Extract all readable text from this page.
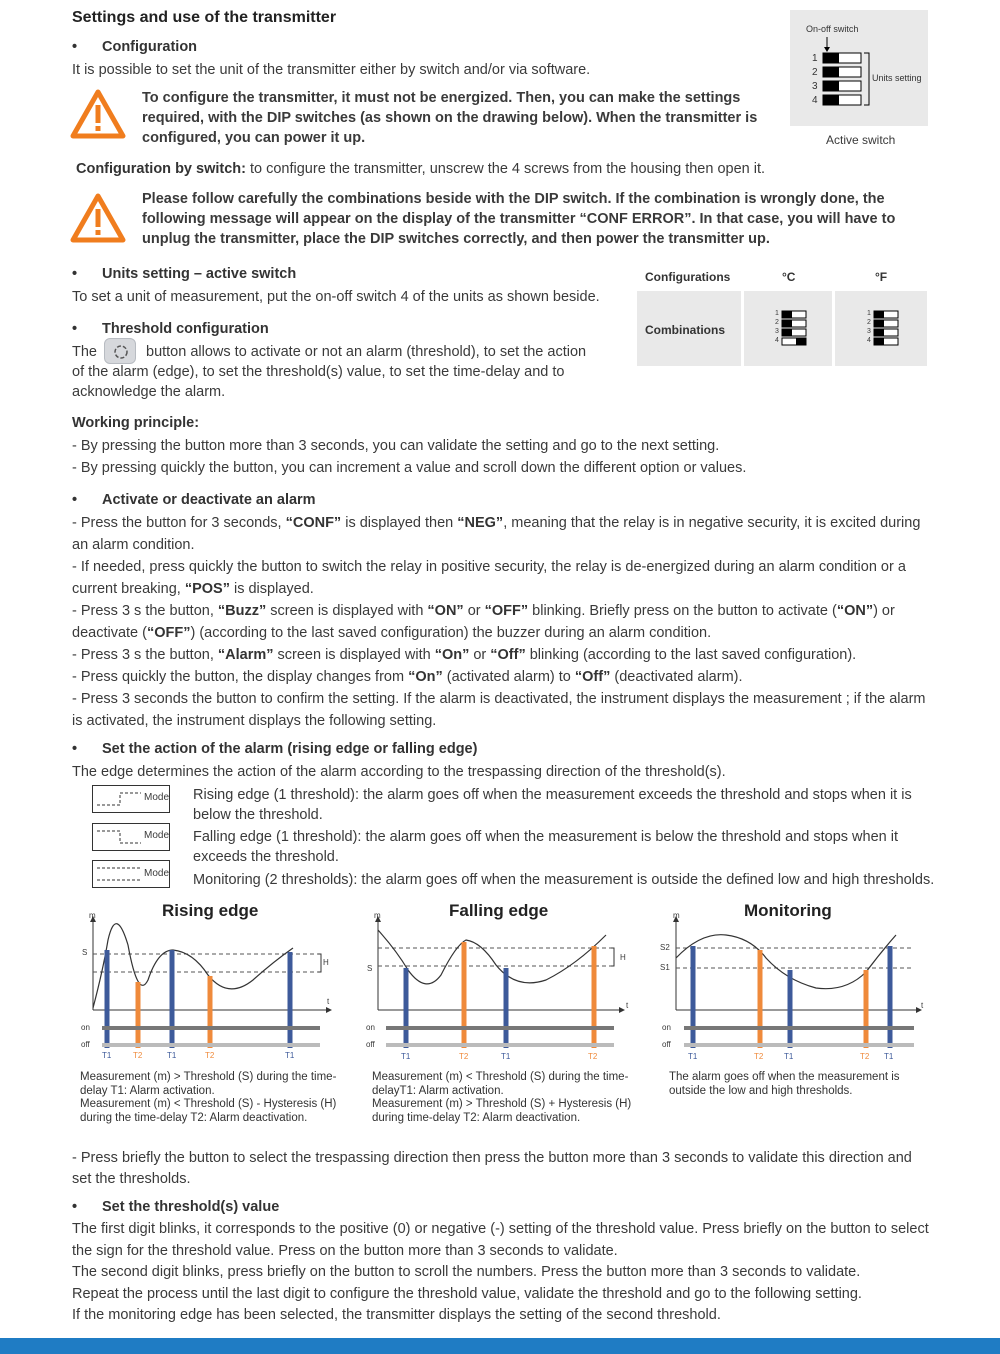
Settings and use of the transmitter
• Configuration
It is possible to set the unit of the transmitter either by switch and/or via software.
To configure the transmitter, it must not be energized. Then, you can make the settings required, with the DIP switches (as shown on the drawing below). When the transmitter is configured, you can power it up.
On-off switch
1
2
3
4
Units setting
Active switch
Configuration by switch: to configure the transmitter, unscrew the 4 screws from the housing then open it.
Please follow carefully the combinations beside with the DIP switch. If the combination is wrongly done, the following message will appear on the display of the transmitter “CONF ERROR”. In that case, you will have to unplug the transmitter, place the DIP switches correctly, and then power the transmitter up.
• Units setting – active switch
To set a unit of measurement, put the on-off switch 4 of the units as shown beside.
Configurations	°C	°F
Combinations
1
2
3
4
1
2
3
4
• Threshold configuration
The	button allows to activate or not an alarm (threshold), to set the action
of the alarm (edge), to set the threshold(s) value, to set the time-delay and to acknowledge the alarm.
Working principle:
- By pressing the button more than 3 seconds, you can validate the setting and go to the next setting.
- By pressing quickly the button, you can increment a value and scroll down the different option or values.
• Activate or deactivate an alarm

- Press the button for 3 seconds, “CONF” is displayed then “NEG”, meaning that the relay is in negative security, it is excited during an alarm condition.

- If needed, press quickly the button to switch the relay in positive security, the relay is de-energized during an alarm condition or a current breaking, “POS” is displayed.

- Press 3 s the button, “Buzz” screen is displayed with “ON” or “OFF” blinking. Briefly press on the button to activate (“ON”) or deactivate (“OFF”) (according to the last saved configuration) the buzzer during an alarm condition.

- Press 3 s the button, “Alarm” screen is displayed with “On” or “Off” blinking (according to the last saved configuration).

- Press quickly the button, the display changes from “On” (activated alarm) to “Off” (deactivated alarm).

- Press 3 seconds the button to confirm the setting. If the alarm is deactivated, the instrument displays the measurement ; if the alarm is activated, the instrument displays the following setting.

• Set the action of the alarm (rising edge or falling edge)
The edge determines the action of the alarm according to the trespassing direction of the threshold(s).
Mode Rising edge (1 threshold): the alarm goes off when the measurement exceeds the threshold and stops when it is below the threshold.
Mode Falling edge (1 threshold): the alarm goes off when the measurement is below the threshold and stops when it exceeds the threshold.
Mode Monitoring (2 thresholds): the alarm goes off when the measurement is outside the defined low and high thresholds.
Rising edge
m
t
S
H
on
off
T1	T2	T1	T2	T1
Measurement (m) > Threshold (S) during the time-
delay T1: Alarm activation.
Measurement (m) < Threshold (S) - Hysteresis (H)
during the time-delay T2: Alarm deactivation.
Falling edge
m
t
S
H
on
off
T1	T2	T1	T2
Measurement (m) < Threshold (S) during the time-
delayT1: Alarm activation.
Measurement (m) > Threshold (S) + Hysteresis (H)
during time-delay T2: Alarm deactivation.
Monitoring
m
t
S2
S1
on
off
T1	T2	T1	T2 T1
The alarm goes off when the measurement is
outside the low and high thresholds.
- Press briefly the button to select the trespassing direction then press the button more than 3 seconds to validate this direction and set the thresholds.
• Set the threshold(s) value

The first digit blinks, it corresponds to the positive (0) or negative (-) setting of the threshold value. Press briefly on the button to select the sign for the threshold value. Press on the button more than 3 seconds to validate.

The second digit blinks, press briefly on the button to scroll the numbers. Press the button more than 3 seconds to validate.

Repeat the process until the last digit to configure the threshold value, validate the threshold and go to the following setting.

If the monitoring edge has been selected, the transmitter displays the setting of the second threshold.
